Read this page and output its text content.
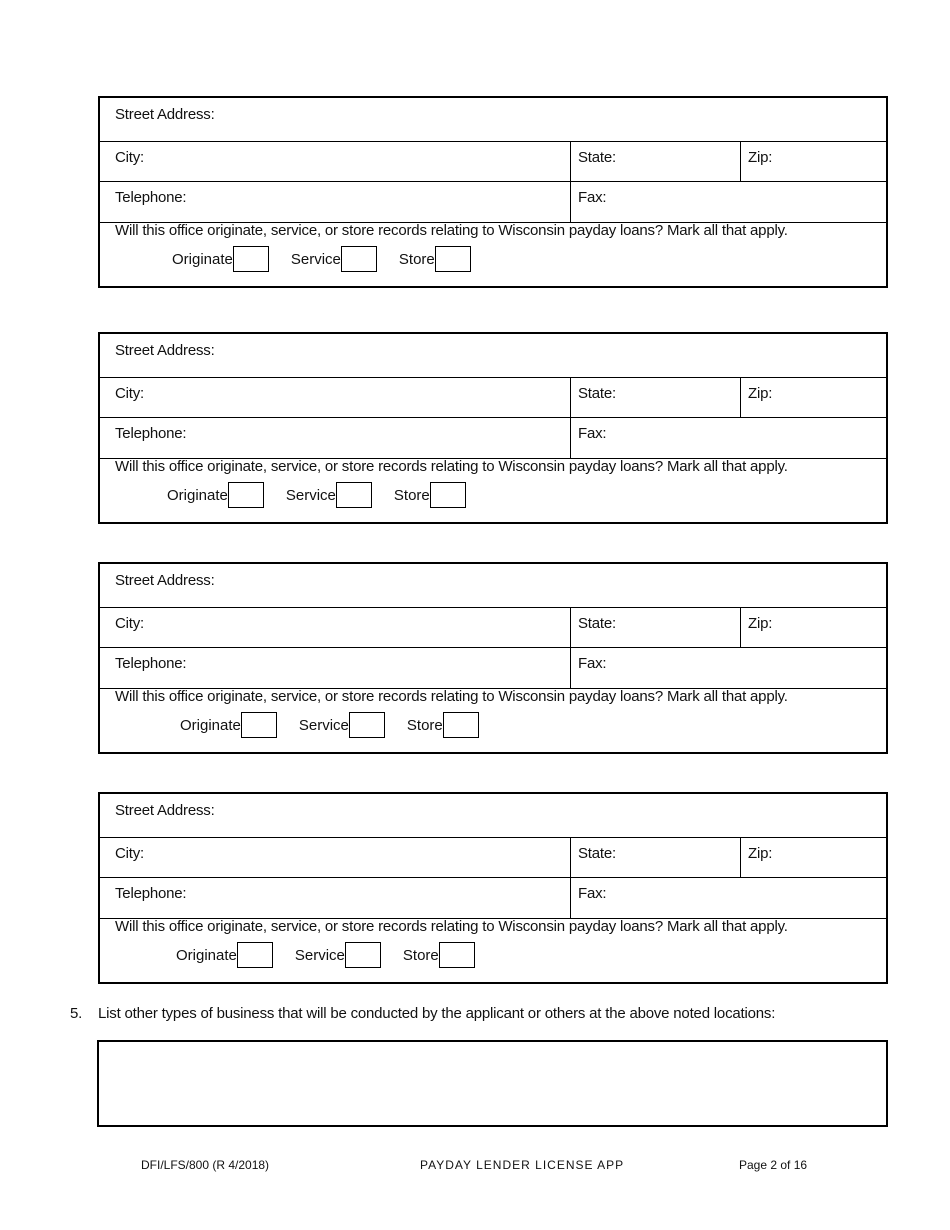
Street Address:
City:	State:	Zip:
Telephone:	Fax:
Will this office originate, service, or store records relating to Wisconsin payday loans? Mark all that apply.
Originate	Service	Store
Street Address:
City:	State:	Zip:
Telephone:	Fax:
Will this office originate, service, or store records relating to Wisconsin payday loans? Mark all that apply.
Originate	Service	Store
Street Address:
City:	State:	Zip:
Telephone:	Fax:
Will this office originate, service, or store records relating to Wisconsin payday loans? Mark all that apply.
Originate	Service	Store
Street Address:
City:	State:	Zip:
Telephone:	Fax:
Will this office originate, service, or store records relating to Wisconsin payday loans? Mark all that apply.
Originate	Service	Store
5. List other types of business that will be conducted by the applicant or others at the above noted locations:
DFI/LFS/800 (R 4/2018)	PAYDAY LENDER LICENSE APP	Page 2 of 16
